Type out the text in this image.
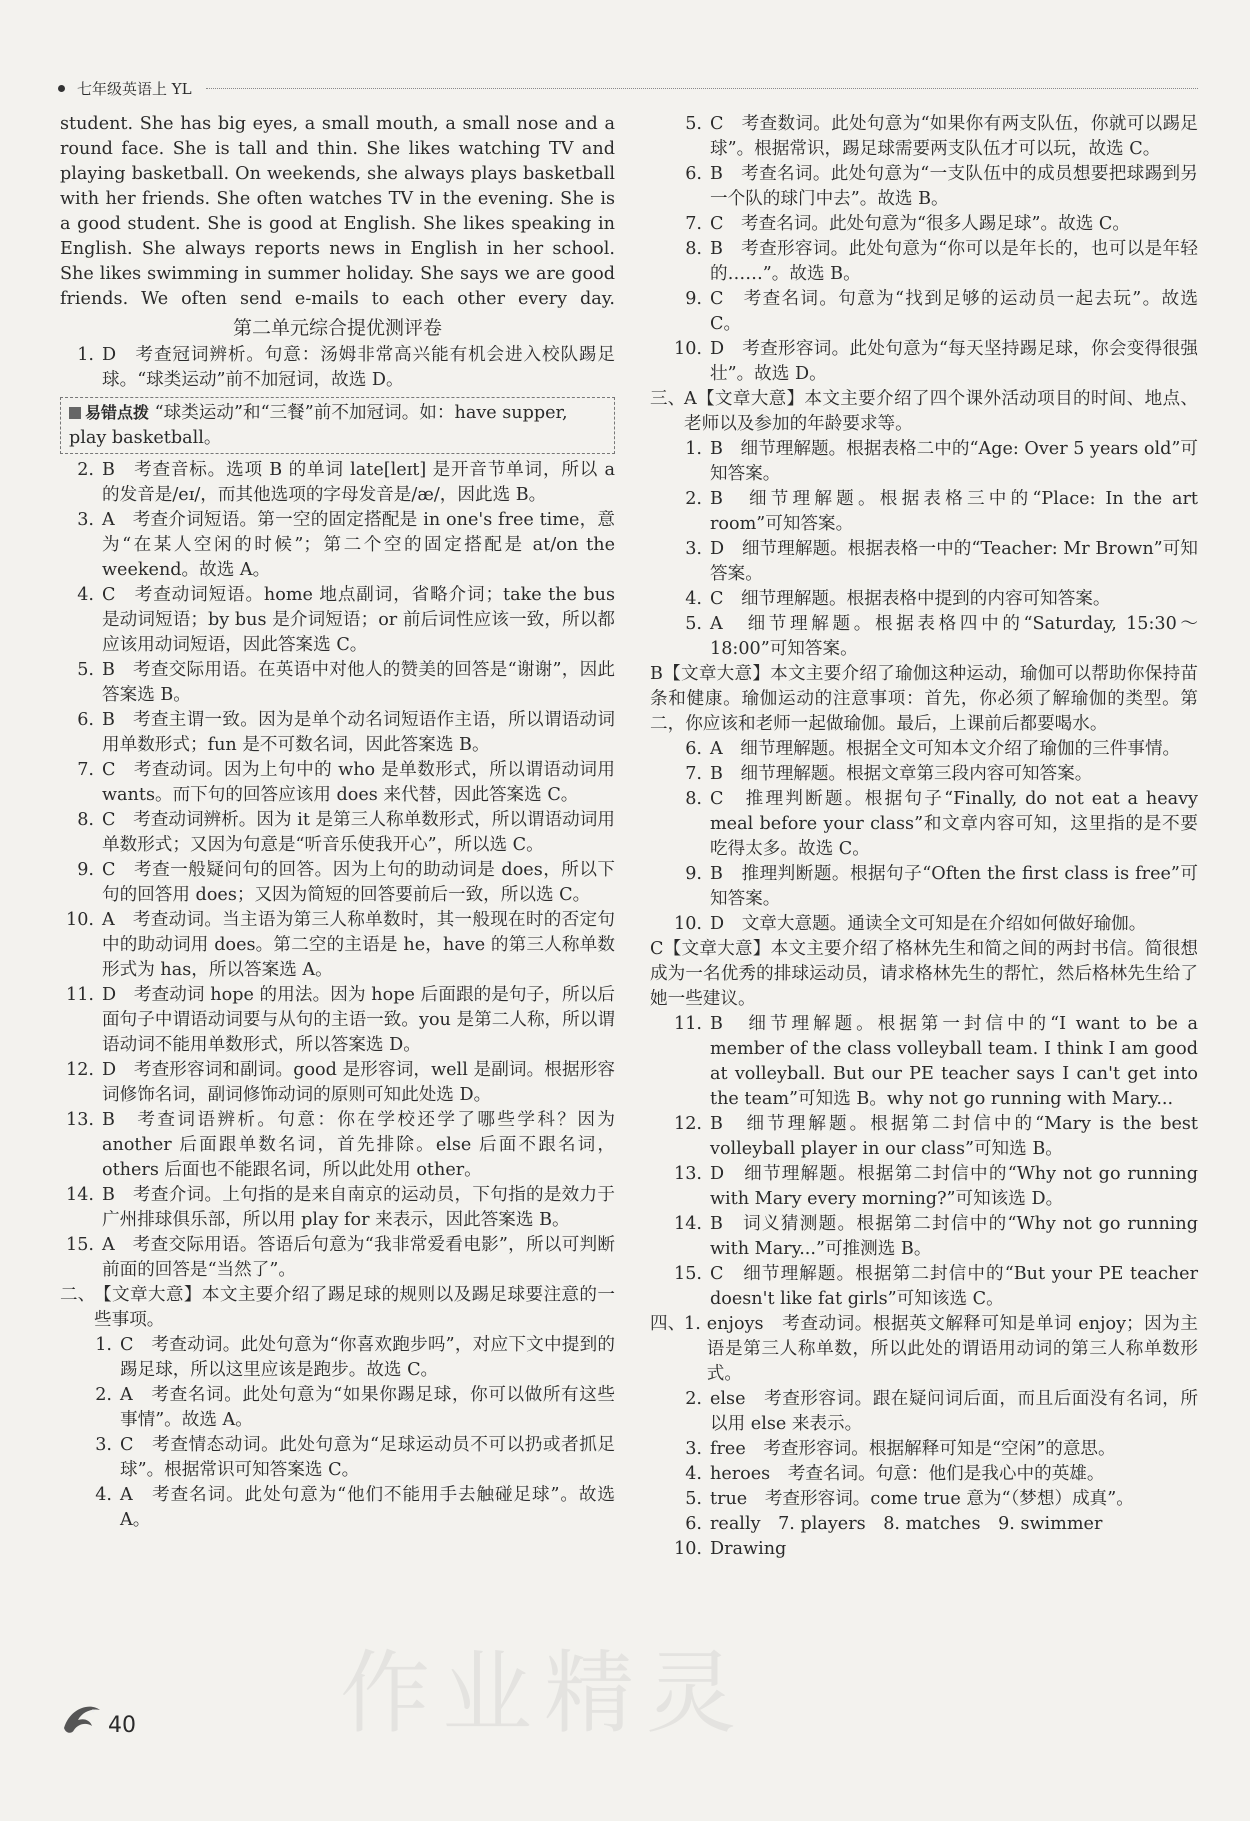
七年级英语上 YL
作业精灵

student. She has big eyes, a small mouth, a small nose and a round face. She is tall and thin. She likes watching TV and playing basketball. On weekends, she always plays basketball with her friends. She often watches TV in the evening. She is a good student. She is good at English. She likes speaking in English. She always reports news in English in her school. She likes swimming in summer holiday. She says we are good friends. We often send e-mails to each other every day.

第二单元综合提优测评卷
1. D　考查冠词辨析。句意：汤姆非常高兴能有机会进入校队踢足球。“球类运动”前不加冠词，故选 D。
易错点拨 “球类运动”和“三餐”前不加冠词。如：have supper, play basketball。
2. B　考查音标。选项 B 的单词 late[leɪt] 是开音节单词，所以 a 的发音是/eɪ/，而其他选项的字母发音是/æ/，因此选 B。
3. A　考查介词短语。第一空的固定搭配是 in one's free time，意为“在某人空闲的时候”；第二个空的固定搭配是 at/on the weekend。故选 A。
4. C　考查动词短语。home 地点副词，省略介词；take the bus 是动词短语；by bus 是介词短语；or 前后词性应该一致，所以都应该用动词短语，因此答案选 C。
5. B　考查交际用语。在英语中对他人的赞美的回答是“谢谢”，因此答案选 B。
6. B　考查主谓一致。因为是单个动名词短语作主语，所以谓语动词用单数形式；fun 是不可数名词，因此答案选 B。
7. C　考查动词。因为上句中的 who 是单数形式，所以谓语动词用 wants。而下句的回答应该用 does 来代替，因此答案选 C。
8. C　考查动词辨析。因为 it 是第三人称单数形式，所以谓语动词用单数形式；又因为句意是“听音乐使我开心”，所以选 C。
9. C　考查一般疑问句的回答。因为上句的助动词是 does，所以下句的回答用 does；又因为简短的回答要前后一致，所以选 C。
10. A　考查动词。当主语为第三人称单数时，其一般现在时的否定句中的助动词用 does。第二空的主语是 he，have 的第三人称单数形式为 has，所以答案选 A。
11. D　考查动词 hope 的用法。因为 hope 后面跟的是句子，所以后面句子中谓语动词要与从句的主语一致。you 是第二人称，所以谓语动词不能用单数形式，所以答案选 D。
12. D　考查形容词和副词。good 是形容词，well 是副词。根据形容词修饰名词，副词修饰动词的原则可知此处选 D。
13. B　考查词语辨析。句意：你在学校还学了哪些学科？因为 another 后面跟单数名词，首先排除。else 后面不跟名词，others 后面也不能跟名词，所以此处用 other。
14. B　考查介词。上句指的是来自南京的运动员，下句指的是效力于广州排球俱乐部，所以用 play for 来表示，因此答案选 B。
15. A　考查交际用语。答语后句意为“我非常爱看电影”，所以可判断前面的回答是“当然了”。
二、
【文章大意】本文主要介绍了踢足球的规则以及踢足球要注意的一些事项。
1. C　考查动词。此处句意为“你喜欢跑步吗”，对应下文中提到的踢足球，所以这里应该是跑步。故选 C。
2. A　考查名词。此处句意为“如果你踢足球，你可以做所有这些事情”。故选 A。
3. C　考查情态动词。此处句意为“足球运动员不可以扔或者抓足球”。根据常识可知答案选 C。
4. A　考查名词。此处句意为“他们不能用手去触碰足球”。故选 A。
5. C　考查数词。此处句意为“如果你有两支队伍，你就可以踢足球”。根据常识，踢足球需要两支队伍才可以玩，故选 C。
6. B　考查名词。此处句意为“一支队伍中的成员想要把球踢到另一个队的球门中去”。故选 B。
7. C　考查名词。此处句意为“很多人踢足球”。故选 C。
8. B　考查形容词。此处句意为“你可以是年长的，也可以是年轻的……”。故选 B。
9. C　考查名词。句意为“找到足够的运动员一起去玩”。故选 C。
10. D　考查形容词。此处句意为“每天坚持踢足球，你会变得很强壮”。故选 D。
三、
A【文章大意】本文主要介绍了四个课外活动项目的时间、地点、老师以及参加的年龄要求等。
1. B　细节理解题。根据表格二中的“Age: Over 5 years old”可知答案。
2. B　细节理解题。根据表格三中的“Place: In the art room”可知答案。
3. D　细节理解题。根据表格一中的“Teacher: Mr Brown”可知答案。
4. C　细节理解题。根据表格中提到的内容可知答案。
5. A　细节理解题。根据表格四中的“Saturday, 15:30～18:00”可知答案。

B【文章大意】本文主要介绍了瑜伽这种运动，瑜伽可以帮助你保持苗条和健康。瑜伽运动的注意事项：首先，你必须了解瑜伽的类型。第二，你应该和老师一起做瑜伽。最后，上课前后都要喝水。

6. A　细节理解题。根据全文可知本文介绍了瑜伽的三件事情。
7. B　细节理解题。根据文章第三段内容可知答案。
8. C　推理判断题。根据句子“Finally, do not eat a heavy meal before your class”和文章内容可知，这里指的是不要吃得太多。故选 C。
9. B　推理判断题。根据句子“Often the first class is free”可知答案。
10. D　文章大意题。通读全文可知是在介绍如何做好瑜伽。

C【文章大意】本文主要介绍了格林先生和简之间的两封书信。简很想成为一名优秀的排球运动员，请求格林先生的帮忙，然后格林先生给了她一些建议。

11. B　细节理解题。根据第一封信中的“I want to be a member of the class volleyball team. I think I am good at volleyball. But our PE teacher says I can't get into the team”可知选 B。why not go running with Mary...
12. B　细节理解题。根据第二封信中的“Mary is the best volleyball player in our class”可知选 B。
13. D　细节理解题。根据第二封信中的“Why not go running with Mary every morning?”可知该选 D。
14. B　词义猜测题。根据第二封信中的“Why not go running with Mary...”可推测选 B。
15. C　细节理解题。根据第二封信中的“But your PE teacher doesn't like fat girls”可知该选 C。
四、
1. enjoys　考查动词。根据英文解释可知是单词 enjoy；因为主语是第三人称单数，所以此处的谓语用动词的第三人称单数形式。
2. else　考查形容词。跟在疑问词后面，而且后面没有名词，所以用 else 来表示。
3. free　考查形容词。根据解释可知是“空闲”的意思。
4. heroes　考查名词。句意：他们是我心中的英雄。
5. true　考查形容词。come true 意为“（梦想）成真”。
6. really　7. players　8. matches　9. swimmer
10. Drawing
40
